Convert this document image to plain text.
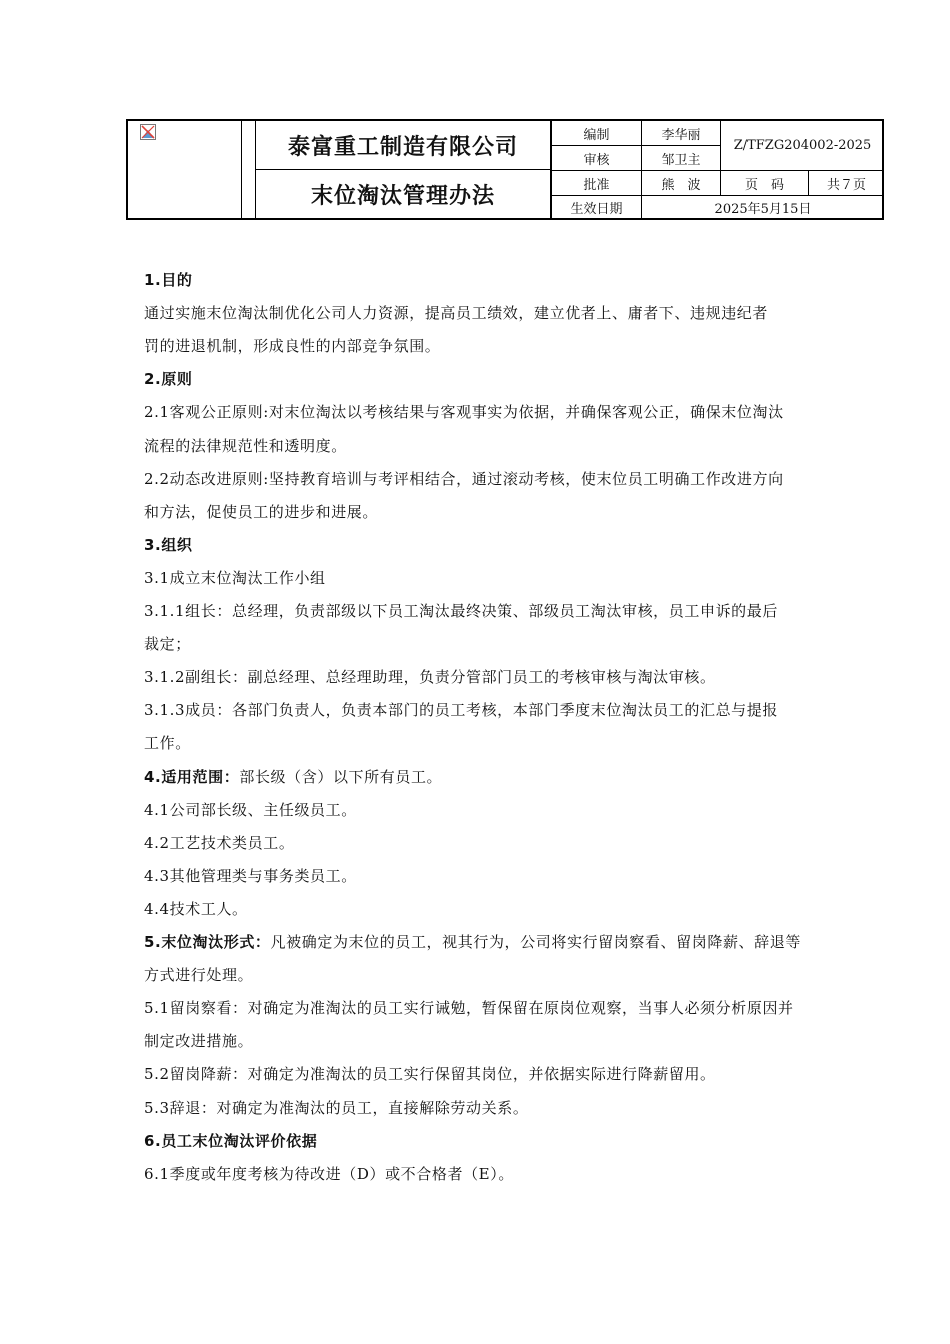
泰富重工制造有限公司
末位淘汰管理办法
编制	李华丽
审核	邹卫主
Z/TFZG204002-2025
批准	熊　波	页　码	共７页
生效日期	2025年5月15日
1.目的
通过实施末位淘汰制优化公司人力资源，提高员工绩效，建立优者上、庸者下、违规违纪者
罚的进退机制，形成良性的内部竞争氛围。
2.原则
2.1客观公正原则:对末位淘汰以考核结果与客观事实为依据，并确保客观公正，确保末位淘汰
流程的法律规范性和透明度。
2.2动态改进原则:坚持教育培训与考评相结合，通过滚动考核，使末位员工明确工作改进方向
和方法，促使员工的进步和进展。
3.组织
3.1成立末位淘汰工作小组
3.1.1组长：总经理，负责部级以下员工淘汰最终决策、部级员工淘汰审核，员工申诉的最后
裁定；
3.1.2副组长：副总经理、总经理助理，负责分管部门员工的考核审核与淘汰审核。
3.1.3成员：各部门负责人，负责本部门的员工考核，本部门季度末位淘汰员工的汇总与提报
工作。
4.适用范围：部长级（含）以下所有员工。
4.1公司部长级、主任级员工。
4.2工艺技术类员工。
4.3其他管理类与事务类员工。
4.4技术工人。
5.末位淘汰形式：凡被确定为末位的员工，视其行为，公司将实行留岗察看、留岗降薪、辞退等
方式进行处理。
5.1留岗察看：对确定为准淘汰的员工实行诫勉，暂保留在原岗位观察，当事人必须分析原因并
制定改进措施。
5.2留岗降薪：对确定为准淘汰的员工实行保留其岗位，并依据实际进行降薪留用。
5.3辞退：对确定为准淘汰的员工，直接解除劳动关系。
6.员工末位淘汰评价依据
6.1季度或年度考核为待改进（D）或不合格者（E）。
